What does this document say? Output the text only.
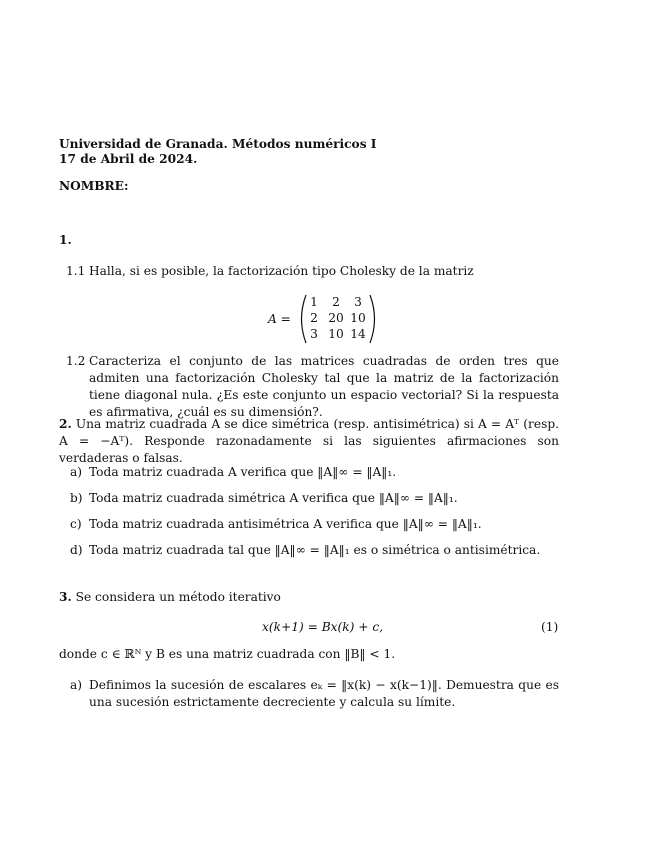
Universidad de Granada. Métodos numéricos I
17 de Abril de 2024.
NOMBRE:
1.
1.1 Halla, si es posible, la factorización tipo Cholesky de la matriz
A =
1	2	3
2 20 10
3 10 14
1.2 Caracteriza el conjunto de las matrices cuadradas de orden tres que admiten una factorización Cholesky tal que la matriz de la factorización tiene diagonal nula. ¿Es este conjunto un espacio vectorial? Si la respuesta es afirmativa, ¿cuál es su dimensión?.
2. Una matriz cuadrada A se dice simétrica (resp. antisimétrica) si A = Aᵀ (resp. A = −Aᵀ). Responde razonadamente si las siguientes afirmaciones son verdaderas o falsas.
a) Toda matriz cuadrada A verifica que ‖A‖∞ = ‖A‖₁.
b) Toda matriz cuadrada simétrica A verifica que ‖A‖∞ = ‖A‖₁.
c) Toda matriz cuadrada antisimétrica A verifica que ‖A‖∞ = ‖A‖₁.
d) Toda matriz cuadrada tal que ‖A‖∞ = ‖A‖₁ es o simétrica o antisimétrica.
3. Se considera un método iterativo
x(k+1) = Bx(k) + c,	(1)
donde c ∈ ℝᴺ y B es una matriz cuadrada con ‖B‖ < 1.
a) Definimos la sucesión de escalares eₖ = ‖x(k) − x(k−1)‖. Demuestra que es una sucesión estrictamente decreciente y calcula su límite.
